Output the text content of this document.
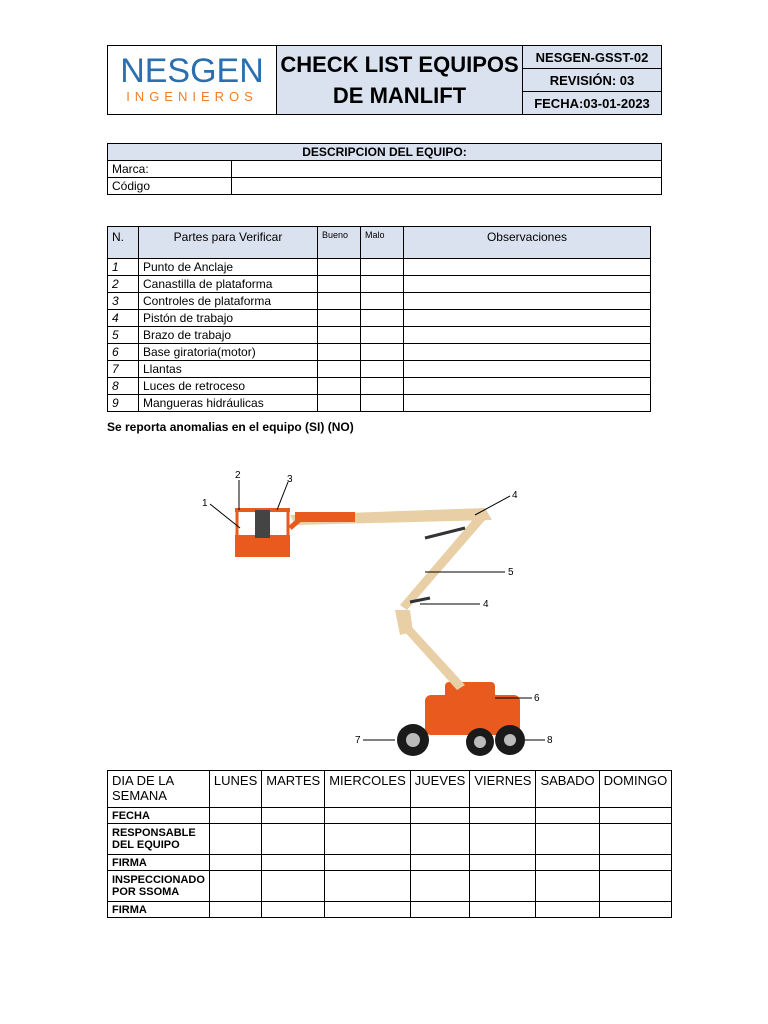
NESGEN
INGENIEROS

CHECK LIST EQUIPOS
DE MANLIFT
	NESGEN-GSST-02
REVISIÓN: 03
FECHA:03-01-2023
DESCRIPCION DEL EQUIPO:	
Marca:	
Código	
N.	Partes para Verificar	Bueno	Malo	Observaciones
1	Punto de Anclaje			
2	Canastilla de plataforma			
3	Controles de plataforma			
4	Pistón de trabajo			
5	Brazo de trabajo			
6	Base giratoria(motor)			
7	Llantas			
8	Luces de retroceso			
9	Mangueras hidráulicas			

Se reporta anomalias en el equipo (SI) (NO)

1
2	3
4
5
4
6
7	8
DIA DE LA SEMANA	LUNES	MARTES	MIERCOLES	JUEVES	VIERNES	SABADO	DOMINGO
FECHA							
RESPONSABLE DEL EQUIPO							
FIRMA							
INSPECCIONADO POR SSOMA							
FIRMA							
